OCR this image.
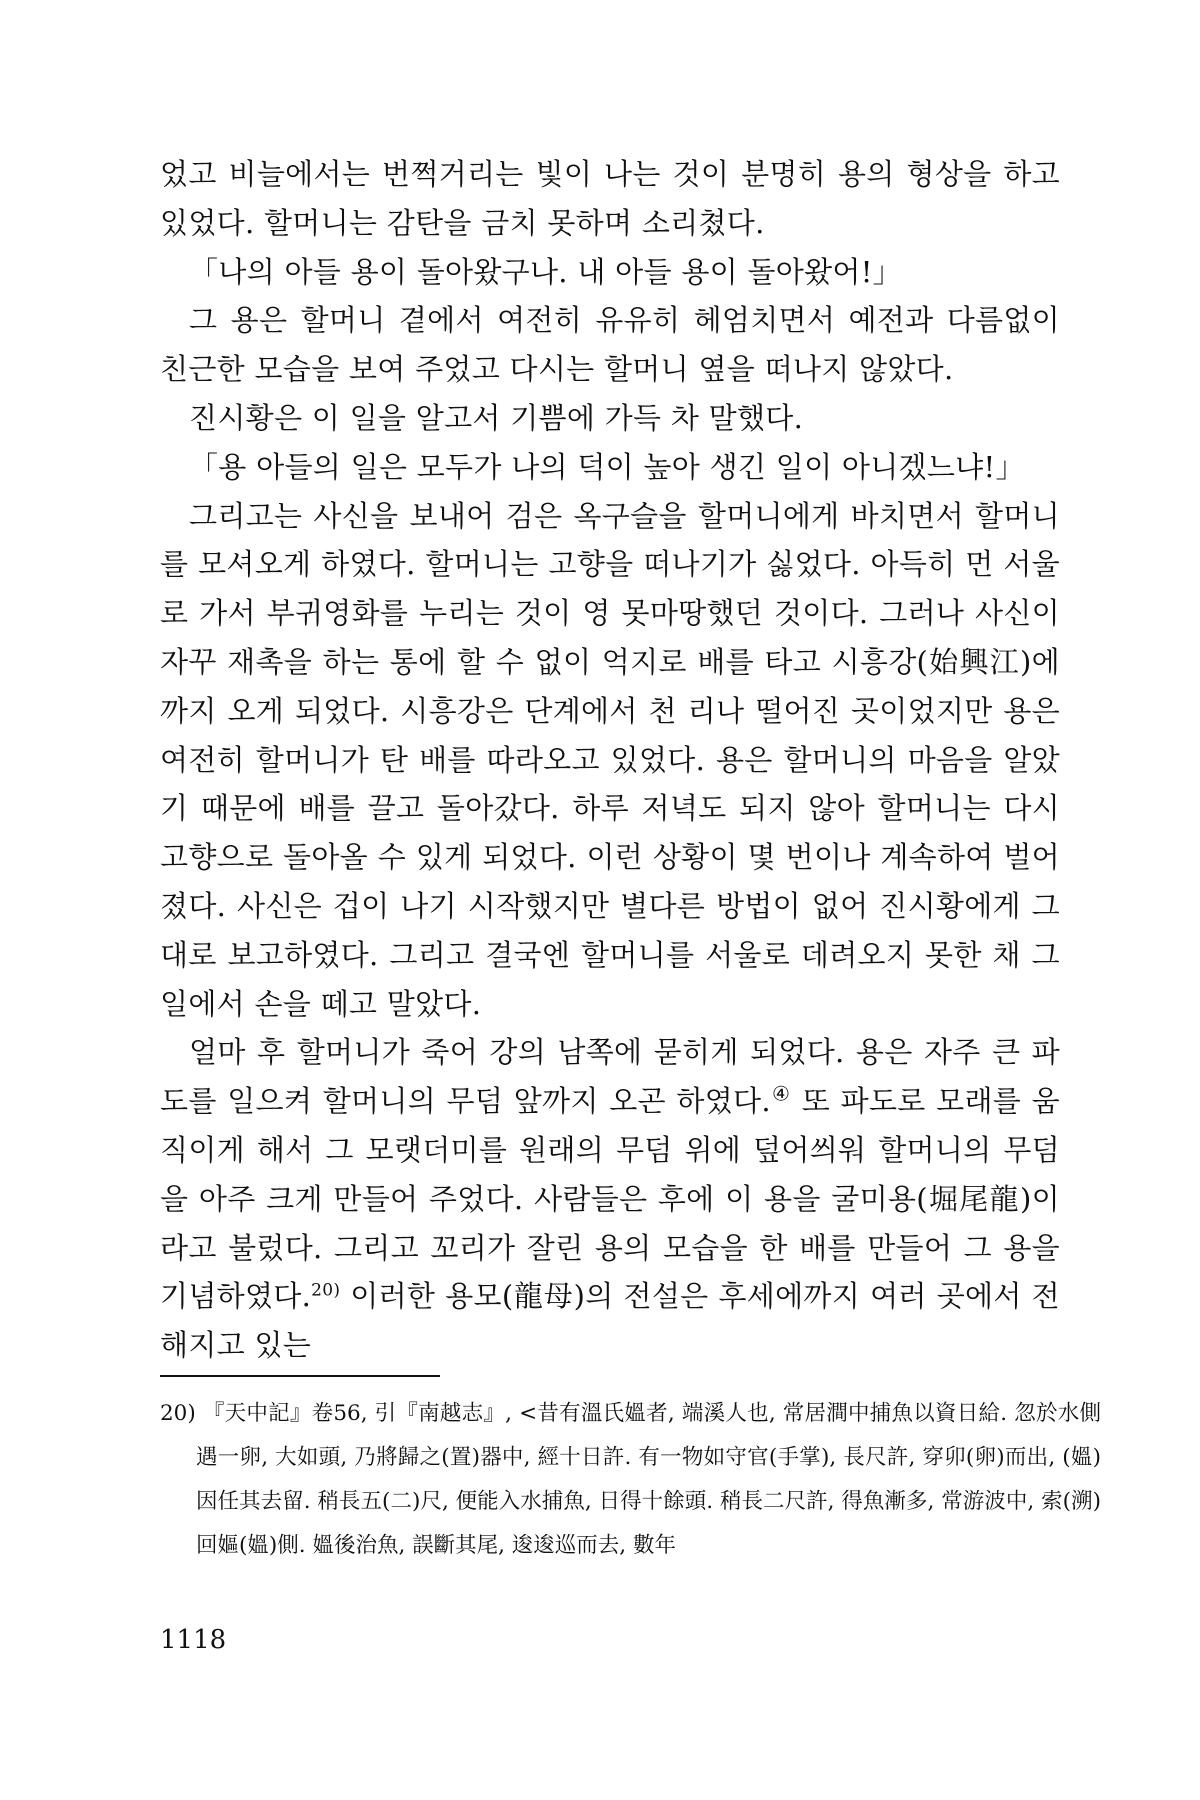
었고 비늘에서는 번쩍거리는 빛이 나는 것이 분명히 용의 형상을 하고 있었다. 할머니는 감탄을 금치 못하며 소리쳤다.

「나의 아들 용이 돌아왔구나. 내 아들 용이 돌아왔어!」

그 용은 할머니 곁에서 여전히 유유히 헤엄치면서 예전과 다름없이 친근한 모습을 보여 주었고 다시는 할머니 옆을 떠나지 않았다.

진시황은 이 일을 알고서 기쁨에 가득 차 말했다.

「용 아들의 일은 모두가 나의 덕이 높아 생긴 일이 아니겠느냐!」

그리고는 사신을 보내어 검은 옥구슬을 할머니에게 바치면서 할머니를 모셔오게 하였다. 할머니는 고향을 떠나기가 싫었다. 아득히 먼 서울로 가서 부귀영화를 누리는 것이 영 못마땅했던 것이다. 그러나 사신이 자꾸 재촉을 하는 통에 할 수 없이 억지로 배를 타고 시흥강(始興江)에까지 오게 되었다. 시흥강은 단계에서 천 리나 떨어진 곳이었지만 용은 여전히 할머니가 탄 배를 따라오고 있었다. 용은 할머니의 마음을 알았기 때문에 배를 끌고 돌아갔다. 하루 저녁도 되지 않아 할머니는 다시 고향으로 돌아올 수 있게 되었다. 이런 상황이 몇 번이나 계속하여 벌어졌다. 사신은 겁이 나기 시작했지만 별다른 방법이 없어 진시황에게 그대로 보고하였다. 그리고 결국엔 할머니를 서울로 데려오지 못한 채 그 일에서 손을 떼고 말았다.

얼마 후 할머니가 죽어 강의 남쪽에 묻히게 되었다. 용은 자주 큰 파도를 일으켜 할머니의 무덤 앞까지 오곤 하였다.④ 또 파도로 모래를 움직이게 해서 그 모랫더미를 원래의 무덤 위에 덮어씌워 할머니의 무덤을 아주 크게 만들어 주었다. 사람들은 후에 이 용을 굴미용(堀尾龍)이라고 불렀다. 그리고 꼬리가 잘린 용의 모습을 한 배를 만들어 그 용을 기념하였다.$^{20)}$ 이러한 용모(龍母)의 전설은 후세에까지 여러 곳에서 전해지고 있는

20) 『天中記』卷56, 引『南越志』, <昔有溫氏媼者, 端溪人也, 常居澗中捕魚以資日給. 忽於水側遇一卵, 大如頭, 乃將歸之(置)器中, 經十日許. 有一物如守官(手掌), 長尺許, 穿卯(卵)而出, (媼)因任其去留. 稍長五(二)尺, 便能入水捕魚, 日得十餘頭. 稍長二尺許, 得魚漸多, 常游波中, 索(溯)回嫗(媼)側. 媼後治魚, 誤斷其尾, 逡逡巡而去, 數年

1118
